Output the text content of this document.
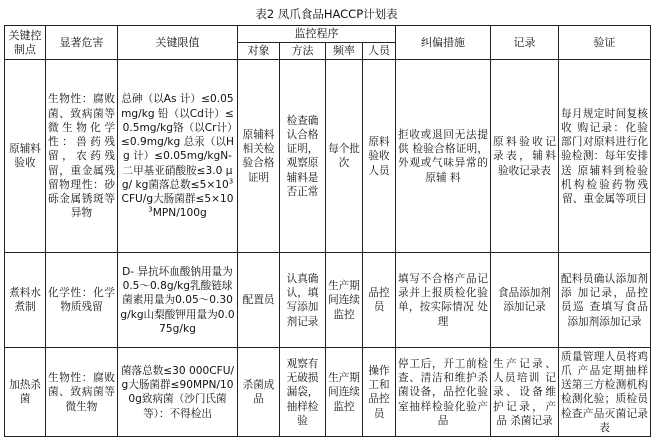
表2 凤爪食品HACCP计划表
关键控制点	显著危害	关键限值	监控程序				纠偏措施	记录	验证
			对象	方法	频率	人员			
原辅料验收	生物性：腐败菌、致病菌等微生物化学性：兽药残留，农药残留，重金属残留物理性：砂砾金属锈斑等异物	总砷（以As 计）≤0.05mg/kg 铅（以Cd计）≤0.5mg/kg铬（以Cr计）≤0.9mg/kg 总汞（以Hg 计）≤0.05mg/kgN- 二甲基亚硝酸胺≤3.0 μ g/ kg菌落总数$\le 5\times 10^3$ CFU/g大肠菌群$\le 5\times 10^3MPN/100g$	原辅料相关检验合格证明	检查确认合格证明，观察原辅料是否正常	每个批次	原料验收人员	拒收或退回无法提供 检验合格证明，外观或气味异常的原辅 料	原料验收记录表，辅料验收记录表	每月规定时间复核收 购记录：化验部门对原料进行化验检测：每年安排送 原辅料到检验机构检验药物残留、重金属等项目
煮料水煮制	化学性：化学物质残留	D- 异抗坏血酸钠用量为0.5～0.8g/kg乳酸链球菌素用量为0.05～0.30g/kg山梨酸钾用量为0.075g/kg	配置员	认真确认，填写添加剂记录	生产期间连续监控	品控员	填写不合格产品记录并上报质检化验单，按实际情况 处理	食品添加剂添加记录	配料员确认添加剂添 加记录，品控员巡 查填写食品添加剂添加记录
加热杀菌	生物性：腐败菌、致病菌等微生物	菌落总数≤30 000CFU/g大肠菌群≤90MPN/100g致病菌（沙门氏菌等）：不得检出	杀菌成品	观察有无破损漏袋，抽样检验	生产期间连续监控	操作工和品控员	停工后，开工前检查、清洁和维护杀菌设备，品控化验室抽样检验化验产品	生产记录、人员培训 记录、设备维护记录，产品 杀菌记录	质量管理人员将鸡爪 产品定期抽样送第三方检测机构检测化验；质检员检查产品灭菌记录表
